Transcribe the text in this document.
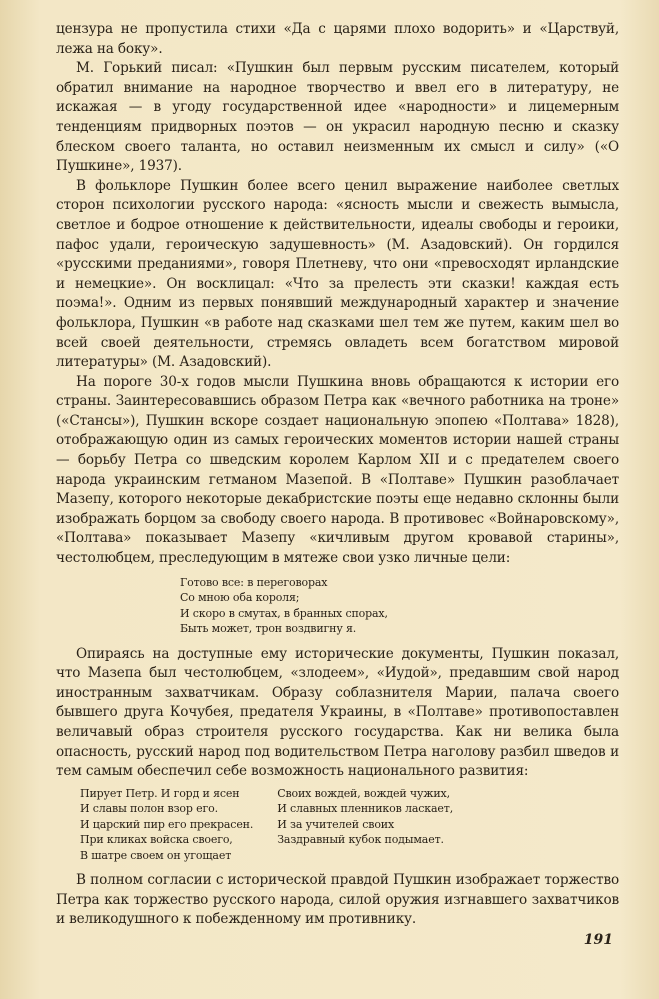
цензура не пропустила стихи «Да с царями плохо водорить» и «Царствуй, лежа на боку».

М. Горький писал: «Пушкин был первым русским писателем, который обратил внимание на народное творчество и ввел его в литературу, не искажая — в угоду государственной идее «народности» и лицемерным тенденциям придворных поэтов — он украсил народную песню и сказку блеском своего таланта, но оставил неизменным их смысл и силу» («О Пушкине», 1937).

В фольклоре Пушкин более всего ценил выражение наиболее светлых сторон психологии русского народа: «ясность мысли и свежесть вымысла, светлое и бодрое отношение к действительности, идеалы свободы и героики, пафос удали, героическую задушевность» (М. Азадовский). Он гордился «русскими преданиями», говоря Плетневу, что они «превосходят ирландские и немецкие». Он восклицал: «Что за прелесть эти сказки! каждая есть поэма!». Одним из первых понявший международный характер и значение фольклора, Пушкин «в работе над сказками шел тем же путем, каким шел во всей своей деятельности, стремясь овладеть всем богатством мировой литературы» (М. Азадовский).

На пороге 30-х годов мысли Пушкина вновь обращаются к истории его страны. Заинтересовавшись образом Петра как «вечного работника на троне» («Стансы»), Пушкин вскоре создает национальную эпопею «Полтава» 1828), отображающую один из самых героических моментов истории нашей страны — борьбу Петра со шведским королем Карлом XII и с предателем своего народа украинским гетманом Мазепой. В «Полтаве» Пушкин разоблачает Мазепу, которого некоторые декабристские поэты еще недавно склонны были изображать борцом за свободу своего народа. В противовес «Войнаровскому», «Полтава» показывает Мазепу «кичливым другом кровавой старины», честолюбцем, преследующим в мятеже свои узко личные цели:

Готово все: в переговорах
Со мною оба короля;
И скоро в смутах, в бранных спорах,
Быть может, трон воздвигну я.

Опираясь на доступные ему исторические документы, Пушкин показал, что Мазепа был честолюбцем, «злодеем», «Иудой», предавшим свой народ иностранным захватчикам. Образу соблазнителя Марии, палача своего бывшего друга Кочубея, предателя Украины, в «Полтаве» противопоставлен величавый образ строителя русского государства. Как ни велика была опасность, русский народ под водительством Петра наголову разбил шведов и тем самым обеспечил себе возможность национального развития:

Пирует Петр. И горд и ясен
И славы полон взор его.
И царский пир его прекрасен.
При кликах войска своего,
В шатре своем он угощает
Своих вождей, вождей чужих,
И славных пленников ласкает,
И за учителей своих
Заздравный кубок подымает.

В полном согласии с исторической правдой Пушкин изображает торжество Петра как торжество русского народа, силой оружия изгнавшего захватчиков и великодушного к побежденному им противнику.

191
